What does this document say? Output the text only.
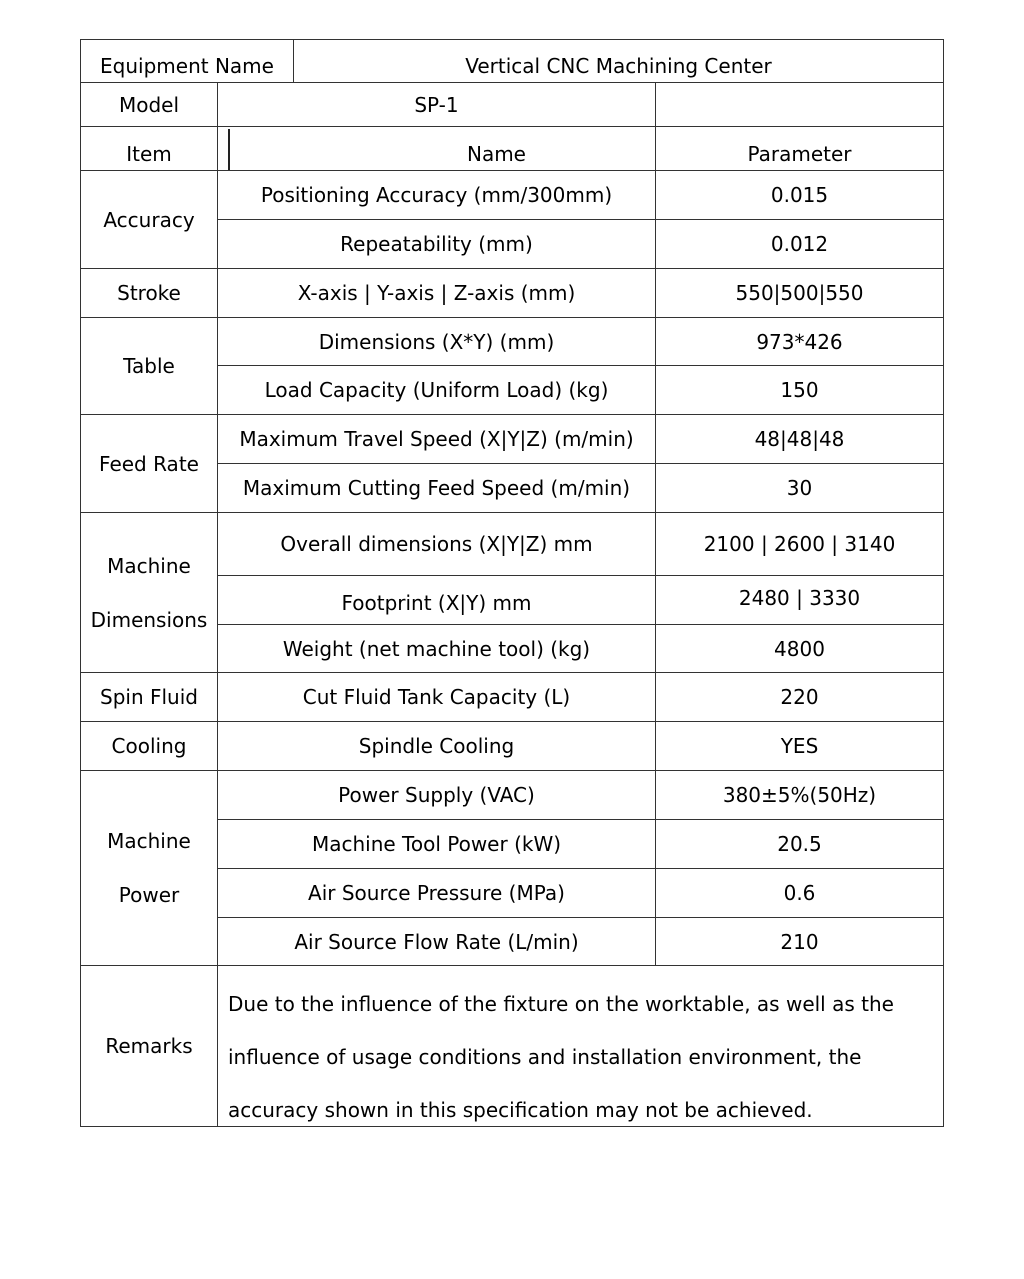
Equipment Name	Vertical CNC Machining Center
Model	SP-1
Item	Name	Parameter
Accuracy
Positioning Accuracy (mm/300mm)	0.015
Repeatability (mm)	0.012
Stroke	X-axis | Y-axis | Z-axis (mm)	550|500|550
Table
Dimensions (X*Y) (mm)	973*426
Load Capacity (Uniform Load) (kg)	150
Feed Rate
Maximum Travel Speed (X|Y|Z) (m/min)	48|48|48
Maximum Cutting Feed Speed (m/min)	30
Machine
Dimensions
Overall dimensions (X|Y|Z) mm	2100 | 2600 | 3140
Footprint (X|Y) mm	2480 | 3330
Weight (net machine tool) (kg)	4800
Spin Fluid	Cut Fluid Tank Capacity (L)	220
Cooling	Spindle Cooling	YES
Machine
Power
Power Supply (VAC)	380±5%(50Hz)
Machine Tool Power (kW)	20.5
Air Source Pressure (MPa)	0.6
Air Source Flow Rate (L/min)	210
Remarks
Due to the influence of the fixture on the worktable, as well as the
influence of usage conditions and installation environment, the
accuracy shown in this specification may not be achieved.
